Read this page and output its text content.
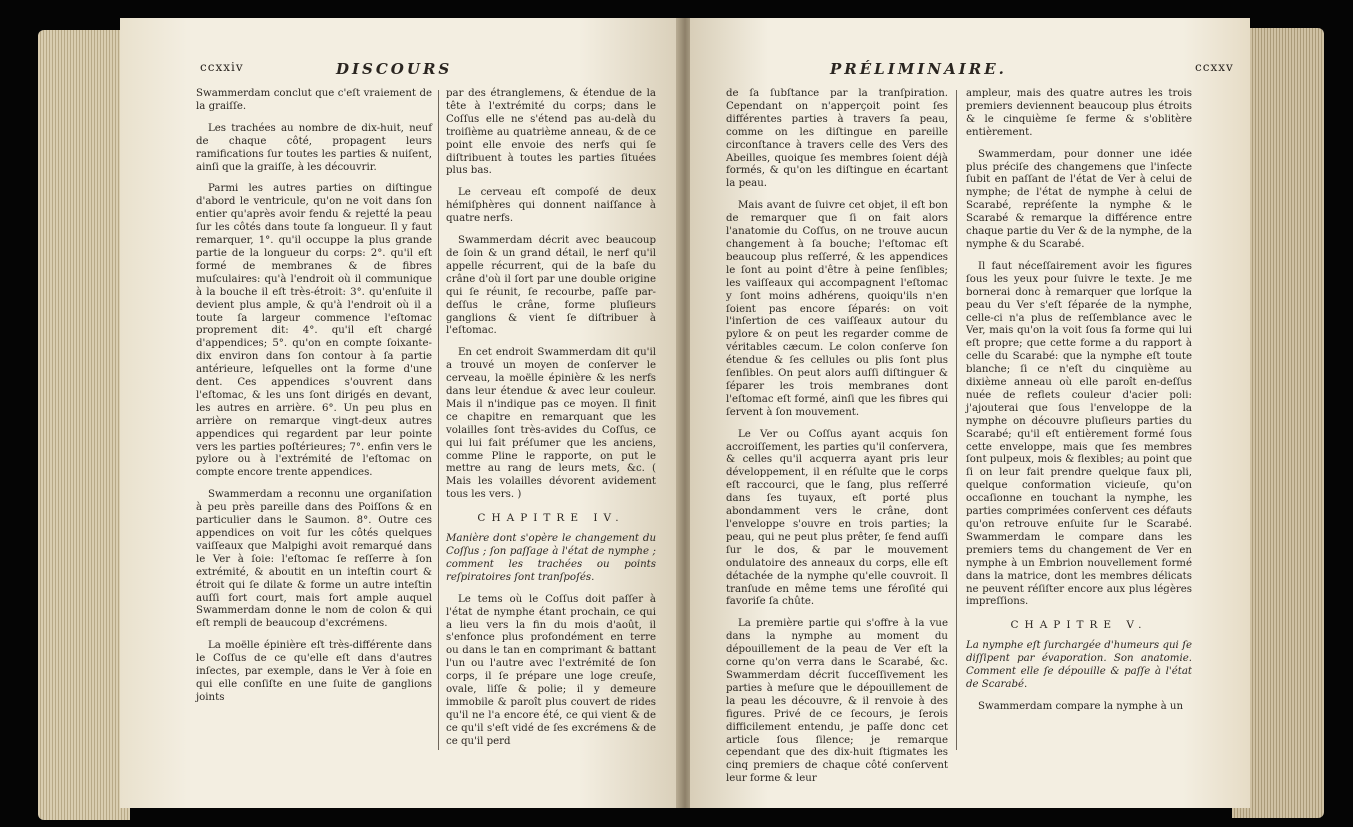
ccxxiv	DISCOURS

Swammerdam conclut que c'eſt vraiement de la graiſſe.

Les trachées au nombre de dix-huit, neuf de chaque côté, propagent leurs ramifications ſur toutes les parties & nuiſent, ainſi que la graiſſe, à les découvrir.

Parmi les autres parties on diſtingue d'abord le ventricule, qu'on ne voit dans ſon entier qu'après avoir fendu & rejetté la peau ſur les côtés dans toute ſa longueur. Il y faut remarquer, 1°. qu'il occuppe la plus grande partie de la longueur du corps: 2°. qu'il eſt formé de membranes & de fibres muſculaires: qu'à l'endroit où il communique à la bouche il eſt très-étroit: 3°. qu'enſuite il devient plus ample, & qu'à l'endroit où il a toute ſa largeur commence l'eſtomac proprement dit: 4°. qu'il eſt chargé d'appendices; 5°. qu'on en compte ſoixante-dix environ dans ſon contour à ſa partie antérieure, leſquelles ont la forme d'une dent. Ces appendices s'ouvrent dans l'eſtomac, & les uns ſont dirigés en devant, les autres en arrière. 6°. Un peu plus en arrière on remarque vingt-deux autres appendices qui regardent par leur pointe vers les parties poſtérieures; 7°. enfin vers le pylore ou à l'extrémité de l'eſtomac on compte encore trente appendices.

Swammerdam a reconnu une organiſation à peu près pareille dans des Poiſſons & en particulier dans le Saumon. 8°. Outre ces appendices on voit ſur les côtés quelques vaiſſeaux que Malpighi avoit remarqué dans le Ver à ſoie: l'eſtomac ſe reſſerre à ſon extrémité, & aboutit en un inteſtin court & étroit qui ſe dilate & forme un autre inteſtin auſſi fort court, mais fort ample auquel Swammerdam donne le nom de colon & qui eſt rempli de beaucoup d'excrémens.

La moëlle épinière eſt très-différente dans le Coſſus de ce qu'elle eſt dans d'autres inſectes, par exemple, dans le Ver à ſoie en qui elle conſiſte en une ſuite de ganglions joints

par des étranglemens, & étendue de la tête à l'extrémité du corps; dans le Coſſus elle ne s'étend pas au-delà du troiſième au quatrième anneau, & de ce point elle envoie des nerfs qui ſe diſtribuent à toutes les parties ſituées plus bas.

Le cerveau eſt compoſé de deux hémiſphères qui donnent naiſſance à quatre nerfs.

Swammerdam décrit avec beaucoup de ſoin & un grand détail, le nerf qu'il appelle récurrent, qui de la baſe du crâne d'où il ſort par une double origine qui ſe réunit, ſe recourbe, paſſe par-deſſus le crâne, forme pluſieurs ganglions & vient ſe diſtribuer à l'eſtomac.

En cet endroit Swammerdam dit qu'il a trouvé un moyen de conſerver le cerveau, la moëlle épinière & les nerfs dans leur étendue & avec leur couleur. Mais il n'indique pas ce moyen. Il finit ce chapitre en remarquant que les volailles ſont très-avides du Coſſus, ce qui lui fait préſumer que les anciens, comme Pline le rapporte, on put le mettre au rang de leurs mets, &c. ( Mais les volailles dévorent avidement tous les vers. )

CHAPITRE IV.

Manière dont s'opère le changement du Coſſus ; ſon paſſage à l'état de nymphe ; comment les trachées ou points reſpiratoires ſont tranſpoſés.

Le tems où le Coſſus doit paſſer à l'état de nymphe étant prochain, ce qui a lieu vers la fin du mois d'août, il s'enfonce plus profondément en terre ou dans le tan en comprimant & battant l'un ou l'autre avec l'extrémité de ſon corps, il ſe prépare une loge creuſe, ovale, liſſe & polie; il y demeure immobile & paroît plus couvert de rides qu'il ne l'a encore été, ce qui vient & de ce qu'il s'eſt vidé de ſes excrémens & de ce qu'il perd

PRÉLIMINAIRE.	ccxxv

de ſa ſubſtance par la tranſpiration. Cependant on n'apperçoit point ſes différentes parties à travers ſa peau, comme on les diſtingue en pareille circonſtance à travers celle des Vers des Abeilles, quoique ſes membres ſoient déjà formés, & qu'on les diſtingue en écartant la peau.

Mais avant de ſuivre cet objet, il eſt bon de remarquer que ſi on fait alors l'anatomie du Coſſus, on ne trouve aucun changement à ſa bouche; l'eſtomac eſt beaucoup plus reſſerré, & les appendices le ſont au point d'être à peine ſenſibles; les vaiſſeaux qui accompagnent l'eſtomac y ſont moins adhérens, quoiqu'ils n'en ſoient pas encore ſéparés: on voit l'inſertion de ces vaiſſeaux autour du pylore & on peut les regarder comme de véritables cæcum. Le colon conſerve ſon étendue & ſes cellules ou plis ſont plus ſenſibles. On peut alors auſſi diſtinguer & ſéparer les trois membranes dont l'eſtomac eſt formé, ainſi que les fibres qui ſervent à ſon mouvement.

Le Ver ou Coſſus ayant acquis ſon accroiſſement, les parties qu'il conſervera, & celles qu'il acquerra ayant pris leur développement, il en réſulte que le corps eſt raccourci, que le ſang, plus reſſerré dans ſes tuyaux, eſt porté plus abondamment vers le crâne, dont l'enveloppe s'ouvre en trois parties; la peau, qui ne peut plus prêter, ſe fend auſſi ſur le dos, & par le mouvement ondulatoire des anneaux du corps, elle eſt détachée de la nymphe qu'elle couvroit. Il tranſude en même tems une féroſité qui favoriſe ſa chûte.

La première partie qui s'offre à la vue dans la nymphe au moment du dépouillement de la peau de Ver eſt la corne qu'on verra dans le Scarabé, &c. Swammerdam décrit ſucceſſivement les parties à meſure que le dépouillement de la peau les découvre, & il renvoie à des figures. Privé de ce ſecours, je ſerois difficilement entendu, je paſſe donc cet article ſous ſilence; je remarque cependant que des dix-huit ſtigmates les cinq premiers de chaque côté conſervent leur forme & leur

ampleur, mais des quatre autres les trois premiers deviennent beaucoup plus étroits & le cinquième ſe ferme & s'oblitère entièrement.

Swammerdam, pour donner une idée plus préciſe des changemens que l'inſecte ſubit en paſſant de l'état de Ver à celui de nymphe; de l'état de nymphe à celui de Scarabé, repréſente la nymphe & le Scarabé & remarque la différence entre chaque partie du Ver & de la nymphe, de la nymphe & du Scarabé.

Il faut néceſſairement avoir les figures ſous les yeux pour ſuivre le texte. Je me bornerai donc à remarquer que lorſque la peau du Ver s'eſt ſéparée de la nymphe, celle-ci n'a plus de reſſemblance avec le Ver, mais qu'on la voit ſous ſa forme qui lui eſt propre; que cette forme a du rapport à celle du Scarabé: que la nymphe eſt toute blanche; ſi ce n'eſt du cinquième au dixième anneau où elle paroît en-deſſus nuée de reflets couleur d'acier poli: j'ajouterai que ſous l'enveloppe de la nymphe on découvre pluſieurs parties du Scarabé; qu'il eſt entièrement formé ſous cette enveloppe, mais que ſes membres ſont pulpeux, mois & flexibles; au point que ſi on leur fait prendre quelque faux pli, quelque conformation vicieuſe, qu'on occaſionne en touchant la nymphe, les parties comprimées conſervent ces défauts qu'on retrouve enſuite ſur le Scarabé. Swammerdam le compare dans les premiers tems du changement de Ver en nymphe à un Embrion nouvellement formé dans la matrice, dont les membres délicats ne peuvent réſiſter encore aux plus légères impreſſions.

CHAPITRE V.

La nymphe eſt ſurchargée d'humeurs qui ſe diſſipent par évaporation. Son anatomie. Comment elle ſe dépouille & paſſe à l'état de Scarabé.

Swammerdam compare la nymphe à un
